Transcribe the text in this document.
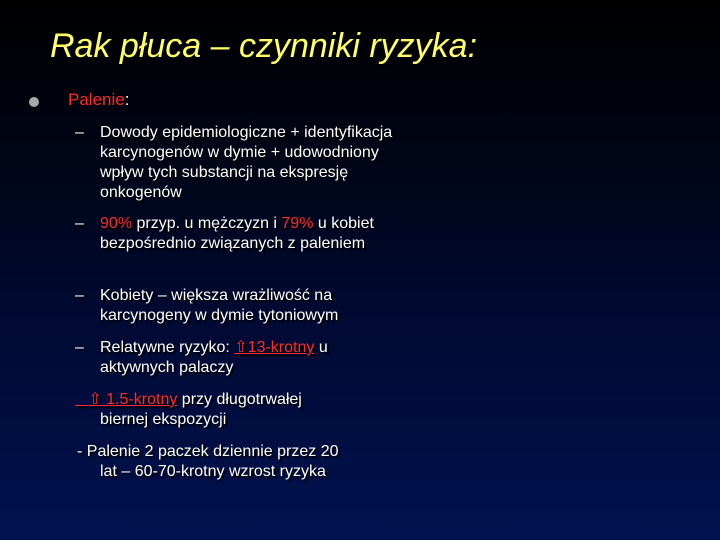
Rak płuca – czynniki ryzyka:
Palenie:
– Dowody epidemiologiczne + identyfikacja karcynogenów w dymie + udowodniony wpływ tych substancji na ekspresję onkogenów
– 90% przyp. u mężczyzn i 79% u kobiet bezpośrednio związanych z paleniem
– Kobiety – większa wrażliwość na karcynogeny w dymie tytoniowym
– Relatywne ryzyko: ⇧13-krotny u aktywnych palaczy
⇧ 1.5-krotny przy długotrwałej
biernej ekspozycji
- Palenie 2 paczek dziennie przez 20
lat – 60-70-krotny wzrost ryzyka
